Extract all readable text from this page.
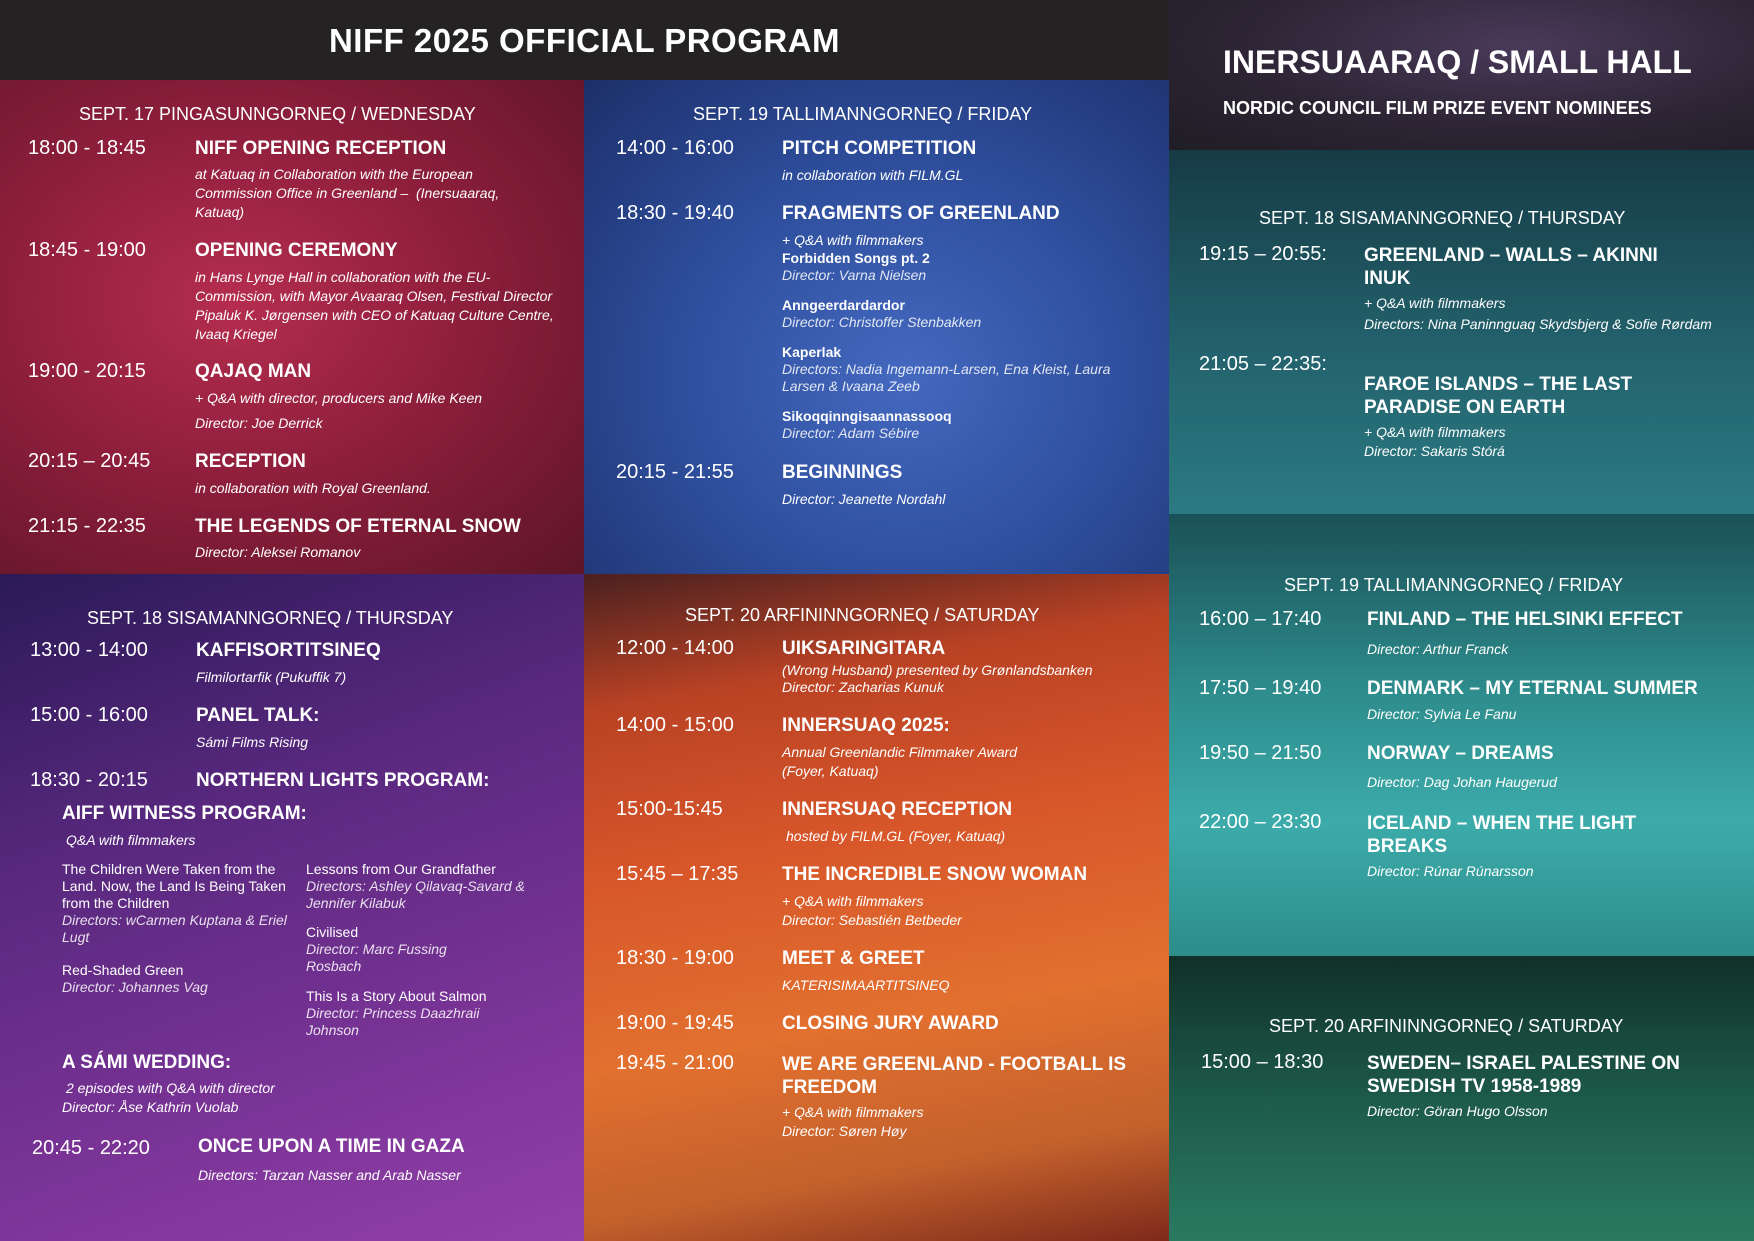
NIFF 2025 OFFICIAL PROGRAM
SEPT. 17 PINGASUNNGORNEQ / WEDNESDAY
18:00 - 18:45	NIFF OPENING RECEPTION
at Katuaq in Collaboration with the European Commission Office in Greenland –  (Inersuaaraq, Katuaq)
18:45 - 19:00	OPENING CEREMONY
in Hans Lynge Hall in collaboration with the EU-Commission, with Mayor Avaaraq Olsen, Festival Director Pipaluk K. Jørgensen with CEO of Katuaq Culture Centre, Ivaaq Kriegel
19:00 - 20:15	QAJAQ MAN
+ Q&A with director, producers and Mike Keen
Director: Joe Derrick
20:15 – 20:45 RECEPTION
in collaboration with Royal Greenland.
21:15 - 22:35	THE LEGENDS OF ETERNAL SNOW
Director: Aleksei Romanov
SEPT. 19 TALLIMANNGORNEQ / FRIDAY
14:00 - 16:00	PITCH COMPETITION
in collaboration with FILM.GL
18:30 - 19:40	FRAGMENTS OF GREENLAND
+ Q&A with filmmakers
Forbidden Songs pt. 2
Director: Varna Nielsen
Anngeerdardardor
Director: Christoffer Stenbakken
Kaperlak
Directors: Nadia Ingemann-Larsen, Ena Kleist, Laura Larsen & Ivaana Zeeb
Sikoqqinngisaannassooq
Director: Adam Sébire
20:15 - 21:55	BEGINNINGS
Director: Jeanette Nordahl
SEPT. 18 SISAMANNGORNEQ / THURSDAY
13:00 - 14:00	KAFFISORTITSINEQ
Filmilortarfik (Pukuffik 7)
15:00 - 16:00	PANEL TALK:
Sámi Films Rising
18:30 - 20:15	NORTHERN LIGHTS PROGRAM:
AIFF WITNESS PROGRAM:
Q&A with filmmakers
The Children Were Taken from the Land. Now, the Land Is Being Taken from the Children
Directors: wCarmen Kuptana & Eriel Lugt
Red-Shaded Green
Director: Johannes Vag
Lessons from Our Grandfather
Directors: Ashley Qilavaq-Savard & Jennifer Kilabuk
Civilised
Director: Marc Fussing Rosbach
This Is a Story About Salmon
Director: Princess Daazhraii Johnson
A SÁMI WEDDING:
2 episodes with Q&A with director
Director: Åse Kathrin Vuolab
20:45 - 22:20	ONCE UPON A TIME IN GAZA
Directors: Tarzan Nasser and Arab Nasser
SEPT. 20 ARFININNGORNEQ / SATURDAY
12:00 - 14:00	UIKSARINGITARA
(Wrong Husband) presented by Grønlandsbanken
Director: Zacharias Kunuk
14:00 - 15:00	INNERSUAQ 2025:
Annual Greenlandic Filmmaker Award
(Foyer, Katuaq)
15:00-15:45	INNERSUAQ RECEPTION
hosted by FILM.GL (Foyer, Katuaq)
15:45 – 17:35 THE INCREDIBLE SNOW WOMAN
+ Q&A with filmmakers
Director: Sebastién Betbeder
18:30 - 19:00	MEET & GREET
KATERISIMAARTITSINEQ
19:00 - 19:45	CLOSING JURY AWARD
19:45 - 21:00	WE ARE GREENLAND - FOOTBALL IS FREEDOM
+ Q&A with filmmakers
Director: Søren Høy
INERSUAARAQ / SMALL HALL
NORDIC COUNCIL FILM PRIZE EVENT NOMINEES
SEPT. 18 SISAMANNGORNEQ / THURSDAY
19:15 – 20:55: GREENLAND – WALLS – AKINNI INUK
+ Q&A with filmmakers
Directors: Nina Paninnguaq Skydsbjerg & Sofie Rørdam
21:05 – 22:35:
FAROE ISLANDS – THE LAST PARADISE ON EARTH
+ Q&A with filmmakers
Director: Sakaris Stórá
SEPT. 19 TALLIMANNGORNEQ / FRIDAY
16:00 – 17:40 FINLAND – THE HELSINKI EFFECT
Director: Arthur Franck
17:50 – 19:40 DENMARK – MY ETERNAL SUMMER
Director: Sylvia Le Fanu
19:50 – 21:50 NORWAY – DREAMS
Director: Dag Johan Haugerud
22:00 – 23:30 ICELAND – WHEN THE LIGHT BREAKS
Director: Rúnar Rúnarsson
SEPT. 20 ARFININNGORNEQ / SATURDAY
15:00 – 18:30 SWEDEN– ISRAEL PALESTINE ON SWEDISH TV 1958-1989
Director: Göran Hugo Olsson
